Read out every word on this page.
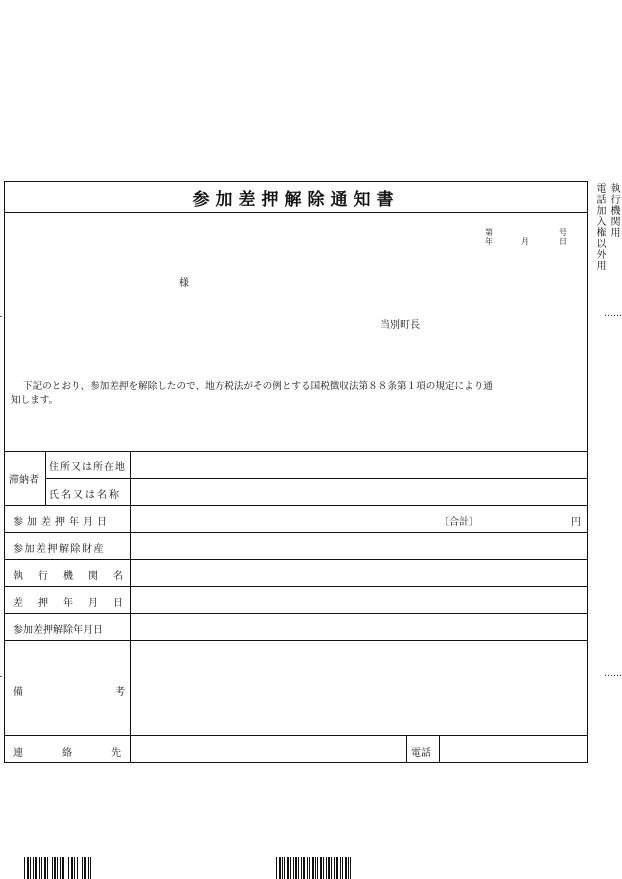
執行機関用
電話加入権以外用
……
……
参加差押解除通知書
第	号
年	月	日
様
当別町長
下記のとおり、参加差押を解除したので、地方税法がその例とする国税徴収法第８８条第１項の規定により通
知します。
滞納者
住所又は所在地
氏名又は名称
参加差押年月日	〔合計〕	円
参加差押解除財産
執行機関名
差押年月日
参加差押解除年月日
備考
連絡先	電話
